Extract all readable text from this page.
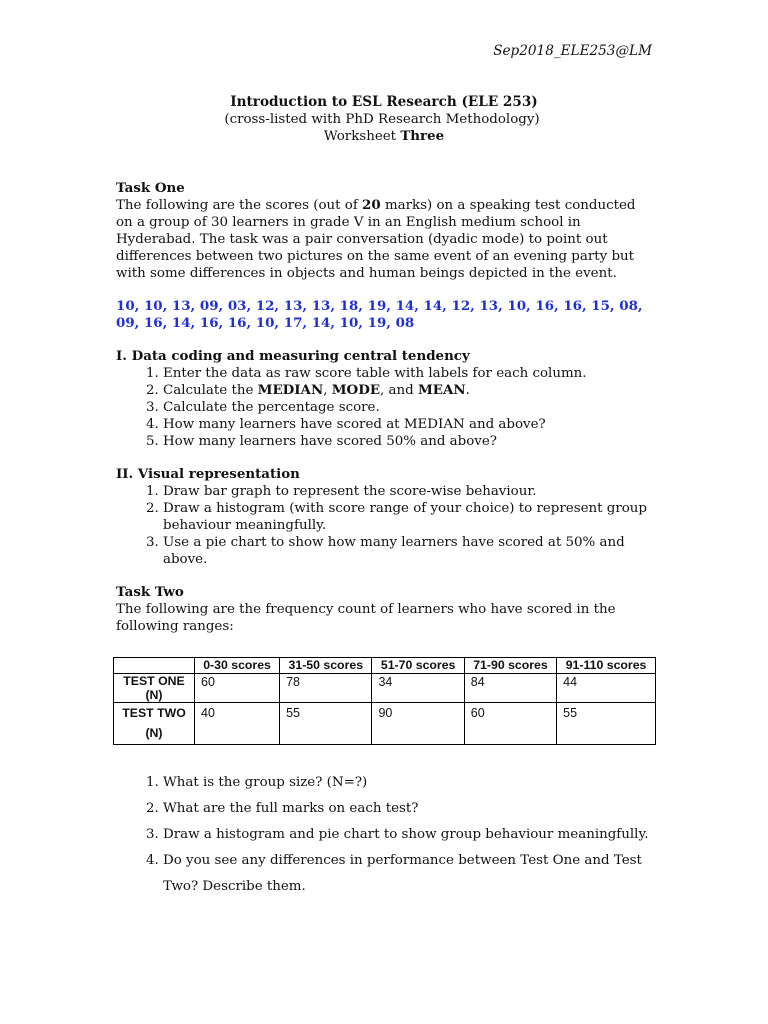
Sep2018_ELE253@LM
Introduction to ESL Research (ELE 253)
(cross-listed with PhD Research Methodology)
Worksheet Three
Task One

The following are the scores (out of 20 marks) on a speaking test conducted on a group of 30 learners in grade V in an English medium school in Hyderabad. The task was a pair conversation (dyadic mode) to point out differences between two pictures on the same event of an evening party but with some differences in objects and human beings depicted in the event.

10, 10, 13, 09, 03, 12, 13, 13, 18, 19, 14, 14, 12, 13, 10, 16, 16, 15, 08, 09, 16, 14, 16, 16, 10, 17, 14, 10, 19, 08
I. Data coding and measuring central tendency
1. Enter the data as raw score table with labels for each column.
2. Calculate the MEDIAN, MODE, and MEAN.
3. Calculate the percentage score.
4. How many learners have scored at MEDIAN and above?
5. How many learners have scored 50% and above?
II. Visual representation
1. Draw bar graph to represent the score-wise behaviour.
2. Draw a histogram (with score range of your choice) to represent group behaviour meaningfully.
3. Use a pie chart to show how many learners have scored at 50% and above.
Task Two

The following are the frequency count of learners who have scored in the following ranges:

	0-30 scores	31-50 scores	51-70 scores	71-90 scores	91-110 scores

TEST ONE
(N)	60	78	34	84	44

TEST TWO
(N)	40	55	90	60	55
1. What is the group size? (N=?)
2. What are the full marks on each test?
3. Draw a histogram and pie chart to show group behaviour meaningfully.
4. Do you see any differences in performance between Test One and Test Two? Describe them.
